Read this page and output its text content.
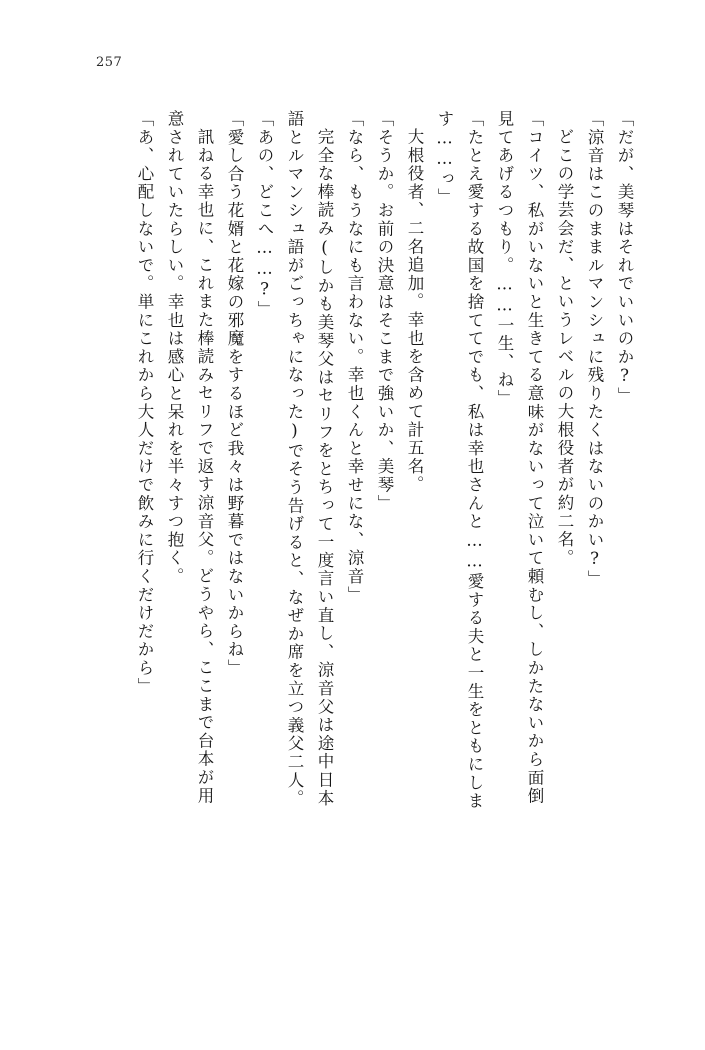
257
「だが、美琴はそれでいいのか?」
「涼音はこのままルマンシュに残りたくはないのかい?」
どこの学芸会だ、というレベルの大根役者が約二名。
「コイツ、私がいないと生きてる意味がないって泣いて頼むし、しかたないから面倒
見てあげるつもり。……一生、ね」
「たとえ愛する故国を捨ててでも、私は幸也さんと……愛する夫と一生をともにしま
す……っ」
大根役者、二名追加。幸也を含めて計五名。
「そうか。お前の決意はそこまで強いか、美琴」
「なら、もうなにも言わない。幸也くんと幸せにな、涼音」
完全な棒読み(しかも美琴父はセリフをとちって一度言い直し、涼音父は途中日本
語とルマンシュ語がごっちゃになった)でそう告げると、なぜか席を立つ義父二人。
「あの、どこへ……?」
「愛し合う花婿と花嫁の邪魔をするほど我々は野暮ではないからね」
訊ねる幸也に、これまた棒読みセリフで返す涼音父。どうやら、ここまで台本が用
意されていたらしい。幸也は感心と呆れを半々すつ抱く。
「あ、心配しないで。単にこれから大人だけで飲みに行くだけだから」
